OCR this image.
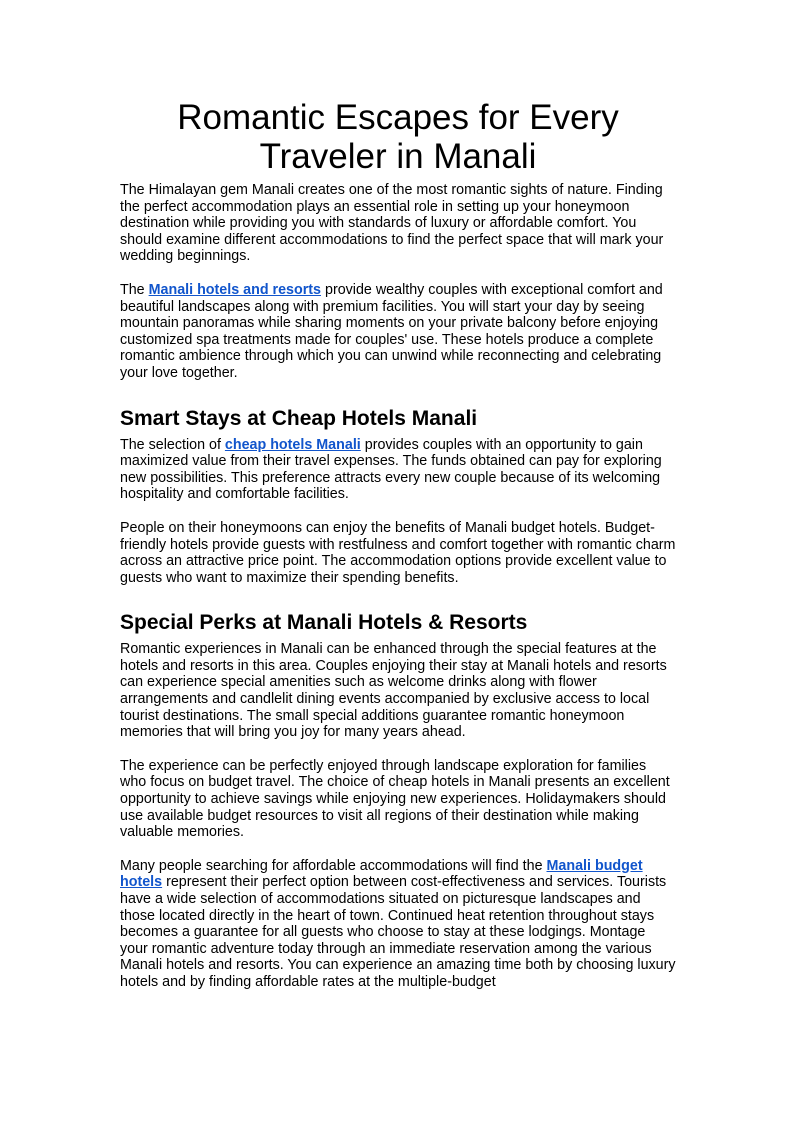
Romantic Escapes for Every
Traveler in Manali

The Himalayan gem Manali creates one of the most romantic sights of nature. Finding the perfect accommodation plays an essential role in setting up your honeymoon destination while providing you with standards of luxury or affordable comfort. You should examine different accommodations to find the perfect space that will mark your wedding beginnings.

The Manali hotels and resorts provide wealthy couples with exceptional comfort and beautiful landscapes along with premium facilities. You will start your day by seeing mountain panoramas while sharing moments on your private balcony before enjoying customized spa treatments made for couples' use. These hotels produce a complete romantic ambience through which you can unwind while reconnecting and celebrating your love together.

Smart Stays at Cheap Hotels Manali

The selection of cheap hotels Manali provides couples with an opportunity to gain maximized value from their travel expenses. The funds obtained can pay for exploring new possibilities. This preference attracts every new couple because of its welcoming hospitality and comfortable facilities.

People on their honeymoons can enjoy the benefits of Manali budget hotels. Budget-friendly hotels provide guests with restfulness and comfort together with romantic charm across an attractive price point. The accommodation options provide excellent value to guests who want to maximize their spending benefits.

Special Perks at Manali Hotels & Resorts

Romantic experiences in Manali can be enhanced through the special features at the hotels and resorts in this area. Couples enjoying their stay at Manali hotels and resorts can experience special amenities such as welcome drinks along with flower arrangements and candlelit dining events accompanied by exclusive access to local tourist destinations. The small special additions guarantee romantic honeymoon memories that will bring you joy for many years ahead.

The experience can be perfectly enjoyed through landscape exploration for families who focus on budget travel. The choice of cheap hotels in Manali presents an excellent opportunity to achieve savings while enjoying new experiences. Holidaymakers should use available budget resources to visit all regions of their destination while making valuable memories.

Many people searching for affordable accommodations will find the Manali budget hotels represent their perfect option between cost-effectiveness and services. Tourists have a wide selection of accommodations situated on picturesque landscapes and those located directly in the heart of town. Continued heat retention throughout stays becomes a guarantee for all guests who choose to stay at these lodgings. Montage your romantic adventure today through an immediate reservation among the various Manali hotels and resorts. You can experience an amazing time both by choosing luxury hotels and by finding affordable rates at the multiple-budget
